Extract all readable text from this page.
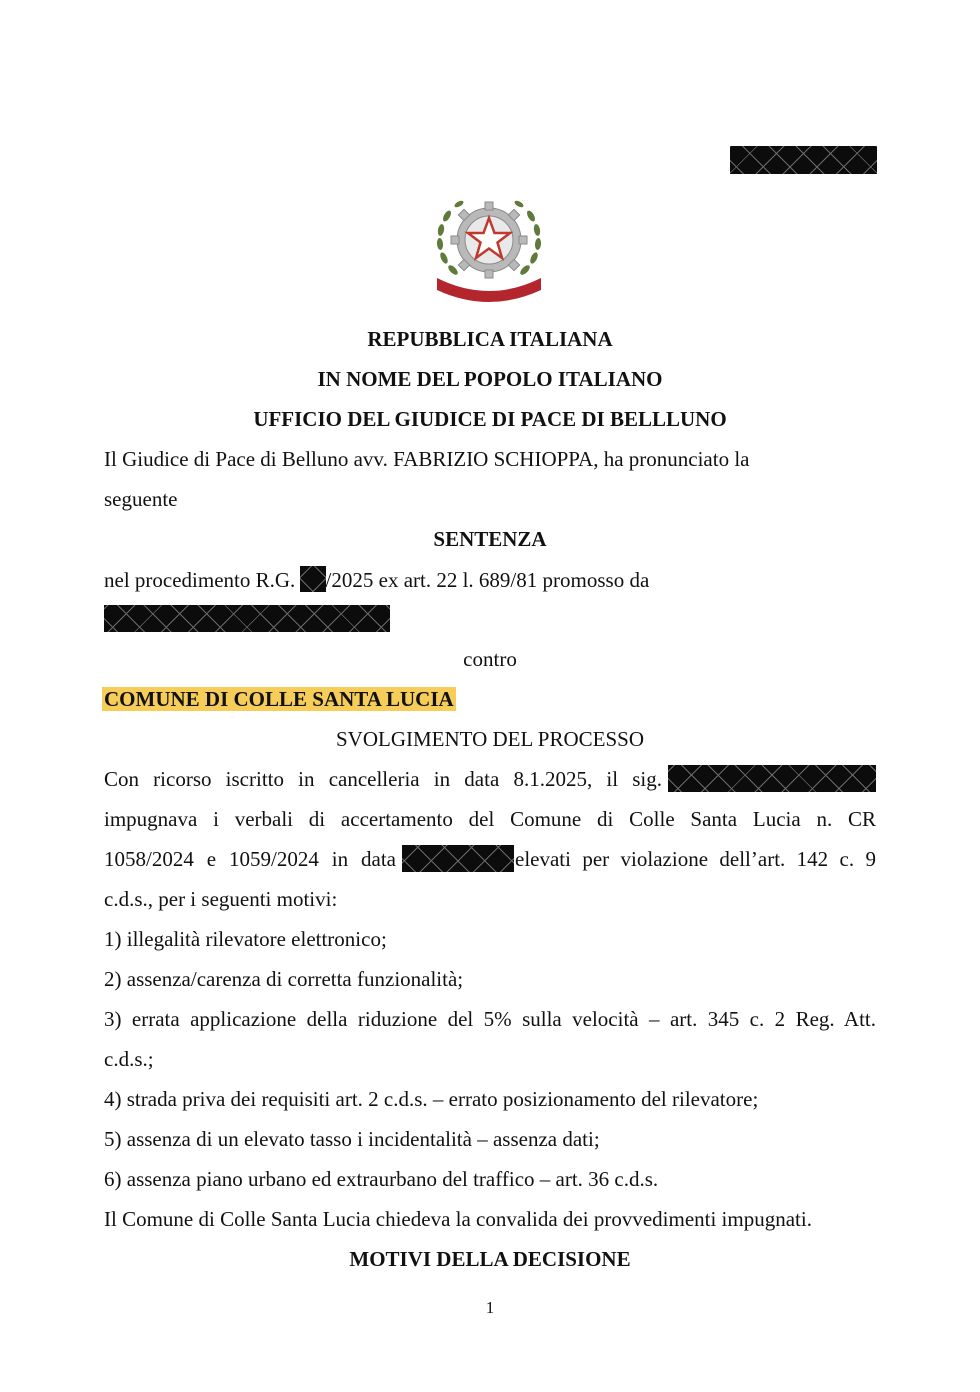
REPUBBLICA ITALIANA
IN NOME DEL POPOLO ITALIANO
UFFICIO DEL GIUDICE DI PACE DI BELLLUNO
Il Giudice di Pace di Belluno avv. FABRIZIO SCHIOPPA, ha pronunciato la
seguente
SENTENZA
nel procedimento R.G. /2025 ex art. 22 l. 689/81 promosso da
contro
COMUNE DI COLLE SANTA LUCIA
SVOLGIMENTO DEL PROCESSO
Con ricorso iscritto in cancelleria in data 8.1.2025, il sig.
impugnava i verbali di accertamento del Comune di Colle Santa Lucia n. CR
1058/2024 e 1059/2024 in data	elevati per violazione dell’art. 142 c. 9
c.d.s., per i seguenti motivi:
1) illegalità rilevatore elettronico;
2) assenza/carenza di corretta funzionalità;
3) errata applicazione della riduzione del 5% sulla velocità – art. 345 c. 2 Reg. Att.
c.d.s.;
4) strada priva dei requisiti art. 2 c.d.s. – errato posizionamento del rilevatore;
5) assenza di un elevato tasso i incidentalità – assenza dati;
6) assenza piano urbano ed extraurbano del traffico – art. 36 c.d.s.
Il Comune di Colle Santa Lucia chiedeva la convalida dei provvedimenti impugnati.
MOTIVI DELLA DECISIONE
1
